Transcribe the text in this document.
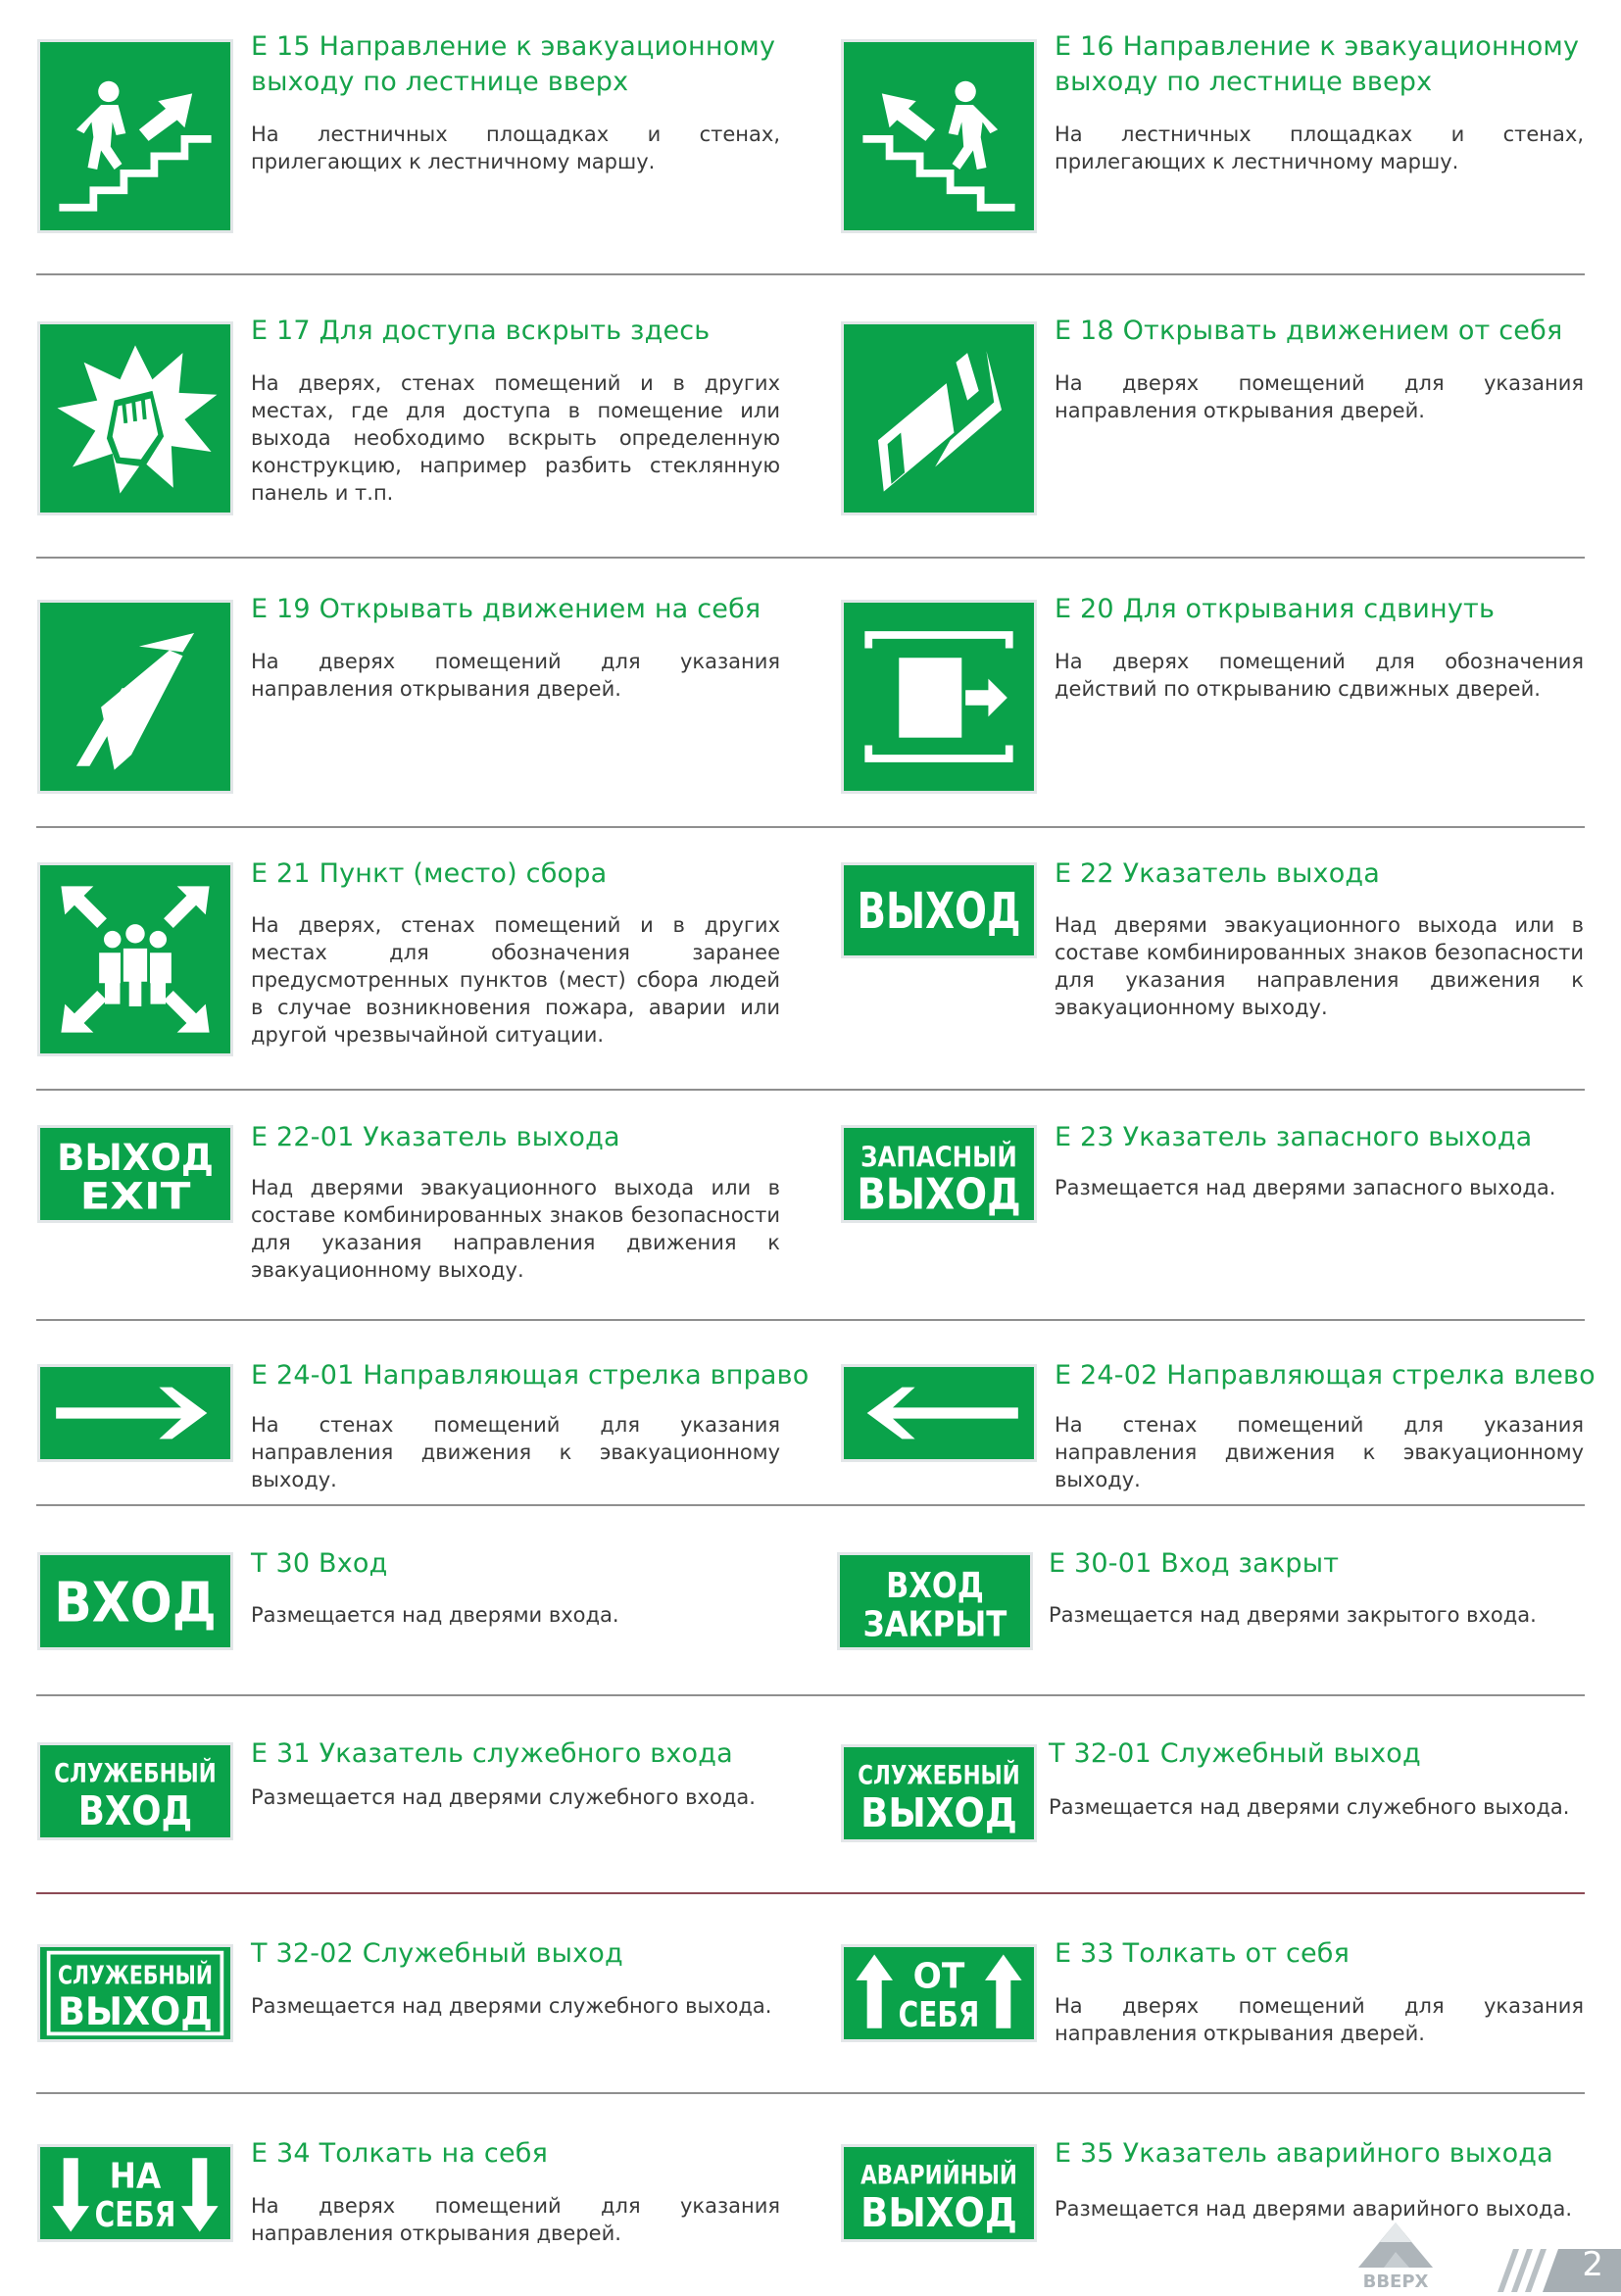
E 15 Направление к эвакуационному
выходу по лестнице вверх

На лестничных площадках и стенах, прилегающих к лестничному маршу.

E 16 Направление к эвакуационному
выходу по лестнице вверх

На лестничных площадках и стенах, прилегающих к лестничному маршу.

E 17 Для доступа вскрыть здесь

На дверях, стенах помещений и в других местах, где для доступа в помещение или выхода необходимо вскрыть определенную конструкцию, например разбить стеклянную панель и т.п.

E 18 Открывать движением от себя

На дверях помещений для указания направления открывания дверей.

E 19 Открывать движением на себя

На дверях помещений для указания направления открывания дверей.

E 20 Для открывания сдвинуть

На дверях помещений для обозначения действий по открыванию сдвижных дверей.

E 21 Пункт (место) сбора

На дверях, стенах помещений и в других местах для обозначения заранее предусмотренных пунктов (мест) сбора людей в случае возникновения пожара, аварии или другой чрезвычайной ситуации.

ВЫХОД
E 22 Указатель выхода

Над дверями эвакуационного выхода или в составе комбинированных знаков безопасности для указания направления движения к эвакуационному выходу.

ВЫХОД
EXIT
E 22-01 Указатель выхода

Над дверями эвакуационного выхода или в составе комбинированных знаков безопасности для указания направления движения к эвакуационному выходу.

ЗАПАСНЫЙ
ВЫХОД
E 23 Указатель запасного выхода

Размещается над дверями запасного выхода.

E 24-01 Направляющая стрелка вправо

На стенах помещений для указания направления движения к эвакуационному выходу.

E 24-02 Направляющая стрелка влево

На стенах помещений для указания направления движения к эвакуационному выходу.

ВХОД
T 30 Вход

Размещается над дверями входа.

ВХОД
ЗАКРЫТ
E 30-01 Вход закрыт

Размещается над дверями закрытого входа.

СЛУЖЕБНЫЙ
ВХОД
E 31 Указатель служебного входа

Размещается над дверями служебного входа.

СЛУЖЕБНЫЙ
ВЫХОД
T 32-01 Служебный выход

Размещается над дверями служебного выхода.

СЛУЖЕБНЫЙ
ВЫХОД
T 32-02 Служебный выход

Размещается над дверями служебного выхода.

ОТ
СЕБЯ
E 33 Толкать от себя

На дверях помещений для указания направления открывания дверей.

НА
СЕБЯ
E 34 Толкать на себя

На дверях помещений для указания направления открывания дверей.

АВАРИЙНЫЙ
ВЫХОД
E 35 Указатель аварийного выхода

Размещается над дверями аварийного выхода.

ВВЕРХ	2
